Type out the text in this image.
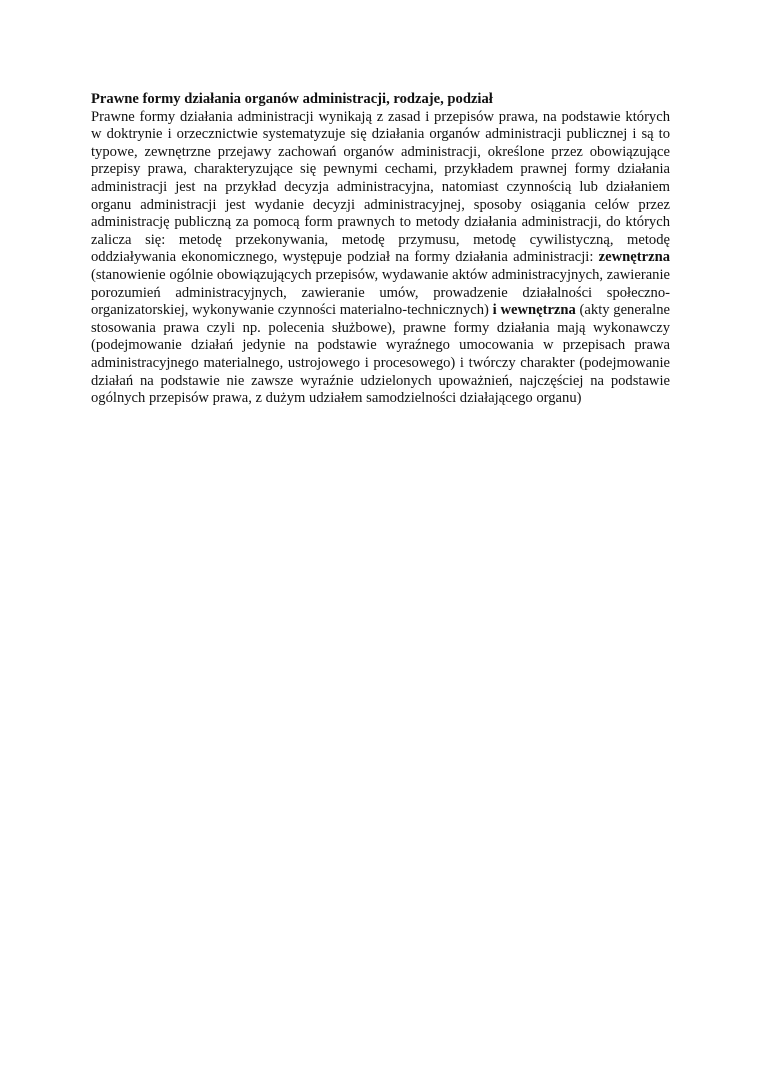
Prawne formy działania organów administracji, rodzaje, podział

Prawne formy działania administracji wynikają z zasad i przepisów prawa, na podstawie których w doktrynie i orzecznictwie systematyzuje się działania organów administracji publicznej i są to typowe, zewnętrzne przejawy zachowań organów administracji, określone przez obowiązujące przepisy prawa, charakteryzujące się pewnymi cechami, przykładem prawnej formy działania administracji jest na przykład decyzja administracyjna, natomiast czynnością lub działaniem organu administracji jest wydanie decyzji administracyjnej, sposoby osiągania celów przez administrację publiczną za pomocą form prawnych to metody działania administracji, do których zalicza się: metodę przekonywania, metodę przymusu, metodę cywilistyczną, metodę oddziaływania ekonomicznego, występuje podział na formy działania administracji: zewnętrzna (stanowienie ogólnie obowiązujących przepisów, wydawanie aktów administracyjnych, zawieranie porozumień administracyjnych, zawieranie umów, prowadzenie działalności społeczno-organizatorskiej, wykonywanie czynności materialno-technicznych) i wewnętrzna (akty generalne stosowania prawa czyli np. polecenia służbowe), prawne formy działania mają wykonawczy (podejmowanie działań jedynie na podstawie wyraźnego umocowania w przepisach prawa administracyjnego materialnego, ustrojowego i procesowego) i twórczy charakter (podejmowanie działań na podstawie nie zawsze wyraźnie udzielonych upoważnień, najczęściej na podstawie ogólnych przepisów prawa, z dużym udziałem samodzielności działającego organu)
